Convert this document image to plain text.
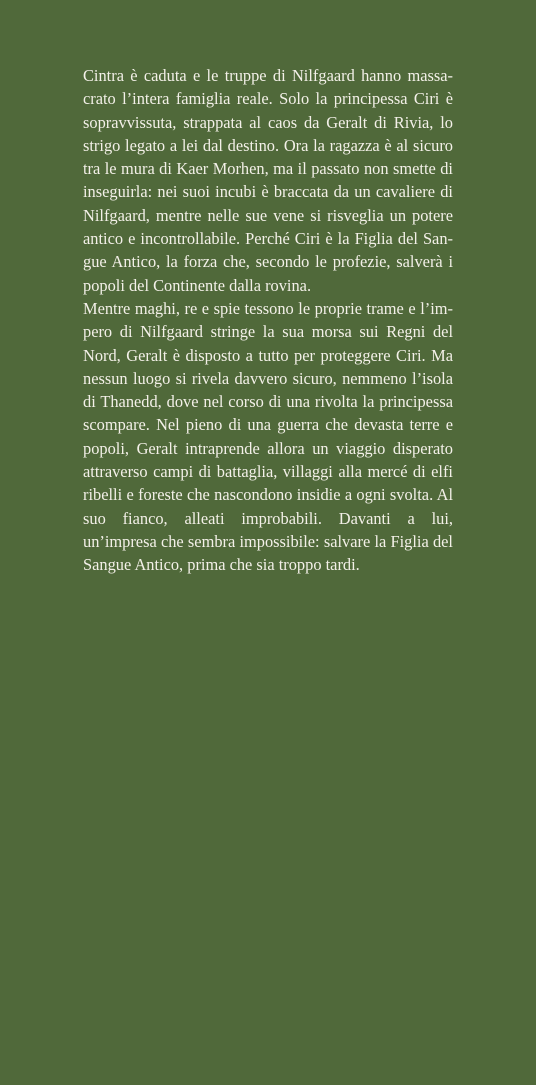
Cintra è caduta e le truppe di Nilfgaard hanno massacrato l’intera famiglia reale. Solo la principessa Ciri è sopravvissuta, strappata al caos da Geralt di Rivia, lo strigo legato a lei dal destino. Ora la ragazza è al sicuro tra le mura di Kaer Morhen, ma il passato non smette di inseguirla: nei suoi incubi è braccata da un cavaliere di Nilfgaard, mentre nelle sue vene si risveglia un potere antico e incontrollabile. Perché Ciri è la Figlia del Sangue Antico, la forza che, secondo le profezie, salverà i popoli del Continente dalla rovina.

Mentre maghi, re e spie tessono le proprie trame e l’impero di Nilfgaard stringe la sua morsa sui Regni del Nord, Geralt è disposto a tutto per proteggere Ciri. Ma nessun luogo si rivela davvero sicuro, nemmeno l’isola di Thanedd, dove nel corso di una rivolta la principessa scompare. Nel pieno di una guerra che devasta terre e popoli, Geralt intraprende allora un viaggio disperato attraverso campi di battaglia, villaggi alla mercé di elfi ribelli e foreste che nascondono insidie a ogni svolta. Al suo fianco, alleati improbabili. Davanti a lui, un’impresa che sembra impossibile: salvare la Figlia del Sangue Antico, prima che sia troppo tardi.
